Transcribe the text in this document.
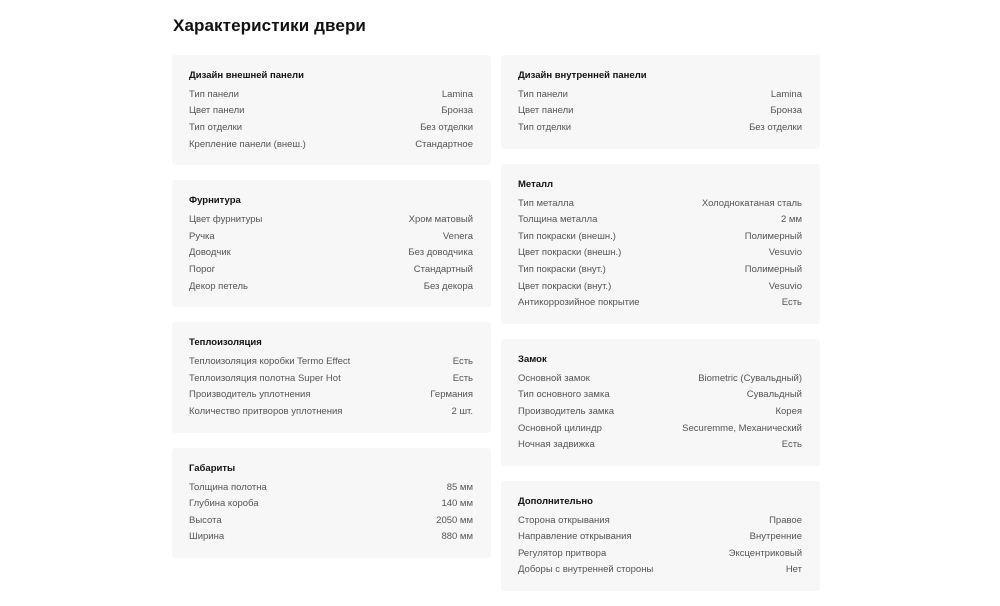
Характеристики двери
Дизайн внешней панели
Тип панели	Lamina
Цвет панели	Бронза
Тип отделки	Без отделки
Крепление панели (внеш.)	Стандартное
Фурнитура
Цвет фурнитуры	Хром матовый
Ручка	Venera
Доводчик	Без доводчика
Порог	Стандартный
Декор петель	Без декора
Теплоизоляция
Теплоизоляция коробки Termo Effect	Есть
Теплоизоляция полотна Super Hot	Есть
Производитель уплотнения	Германия
Количество притворов уплотнения	2 шт.
Габариты
Толщина полотна	85 мм
Глубина короба	140 мм
Высота	2050 мм
Ширина	880 мм
Дизайн внутренней панели
Тип панели	Lamina
Цвет панели	Бронза
Тип отделки	Без отделки
Металл
Тип металла	Холоднокатаная сталь
Толщина металла	2 мм
Тип покраски (внешн.)	Полимерный
Цвет покраски (внешн.)	Vesuvio
Тип покраски (внут.)	Полимерный
Цвет покраски (внут.)	Vesuvio
Антикоррозийное покрытие	Есть
Замок
Основной замок	Biometric (Сувальдный)
Тип основного замка	Сувальдный
Производитель замка	Корея
Основной цилиндр	Securemme, Механический
Ночная задвижка	Есть
Дополнительно
Сторона открывания	Правое
Направление открывания	Внутренние
Регулятор притвора	Эксцентриковый
Доборы с внутренней стороны	Нет
